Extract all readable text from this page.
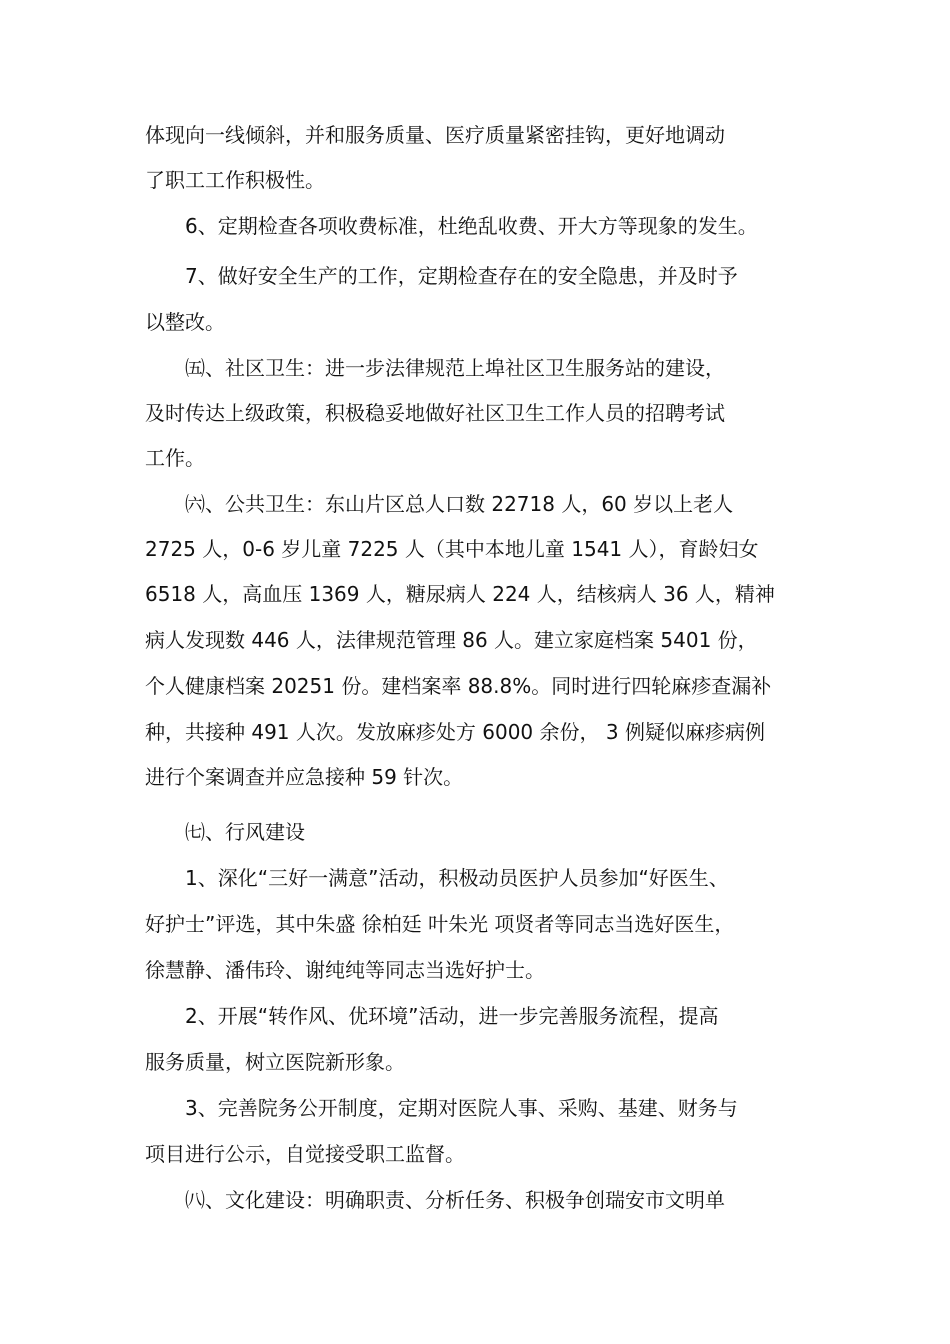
体现向一线倾斜，并和服务质量、医疗质量紧密挂钩，更好地调动
了职工工作积极性。
6、定期检查各项收费标准，杜绝乱收费、开大方等现象的发生。
7、做好安全生产的工作，定期检查存在的安全隐患，并及时予
以整改。
㈤、社区卫生：进一步法律规范上埠社区卫生服务站的建设，
及时传达上级政策，积极稳妥地做好社区卫生工作人员的招聘考试
工作。
㈥、公共卫生：东山片区总人口数 22718 人，60 岁以上老人
2725 人，0-6 岁儿童 7225 人（其中本地儿童 1541 人），育龄妇女
6518 人，高血压 1369 人，糖尿病人 224 人，结核病人 36 人，精神
病人发现数 446 人，法律规范管理 86 人。建立家庭档案 5401 份，
个人健康档案 20251 份。建档案率 88.8%。同时进行四轮麻疹查漏补
种，共接种 491 人次。发放麻疹处方 6000 余份， 3 例疑似麻疹病例
进行个案调查并应急接种 59 针次。
㈦、行风建设
1、深化“三好一满意”活动，积极动员医护人员参加“好医生、
好护士”评选，其中朱盛 徐柏廷 叶朱光 项贤者等同志当选好医生，
徐慧静、潘伟玲、谢纯纯等同志当选好护士。
2、开展“转作风、优环境”活动，进一步完善服务流程，提高
服务质量，树立医院新形象。
3、完善院务公开制度，定期对医院人事、采购、基建、财务与
项目进行公示，自觉接受职工监督。
㈧、文化建设：明确职责、分析任务、积极争创瑞安市文明单
